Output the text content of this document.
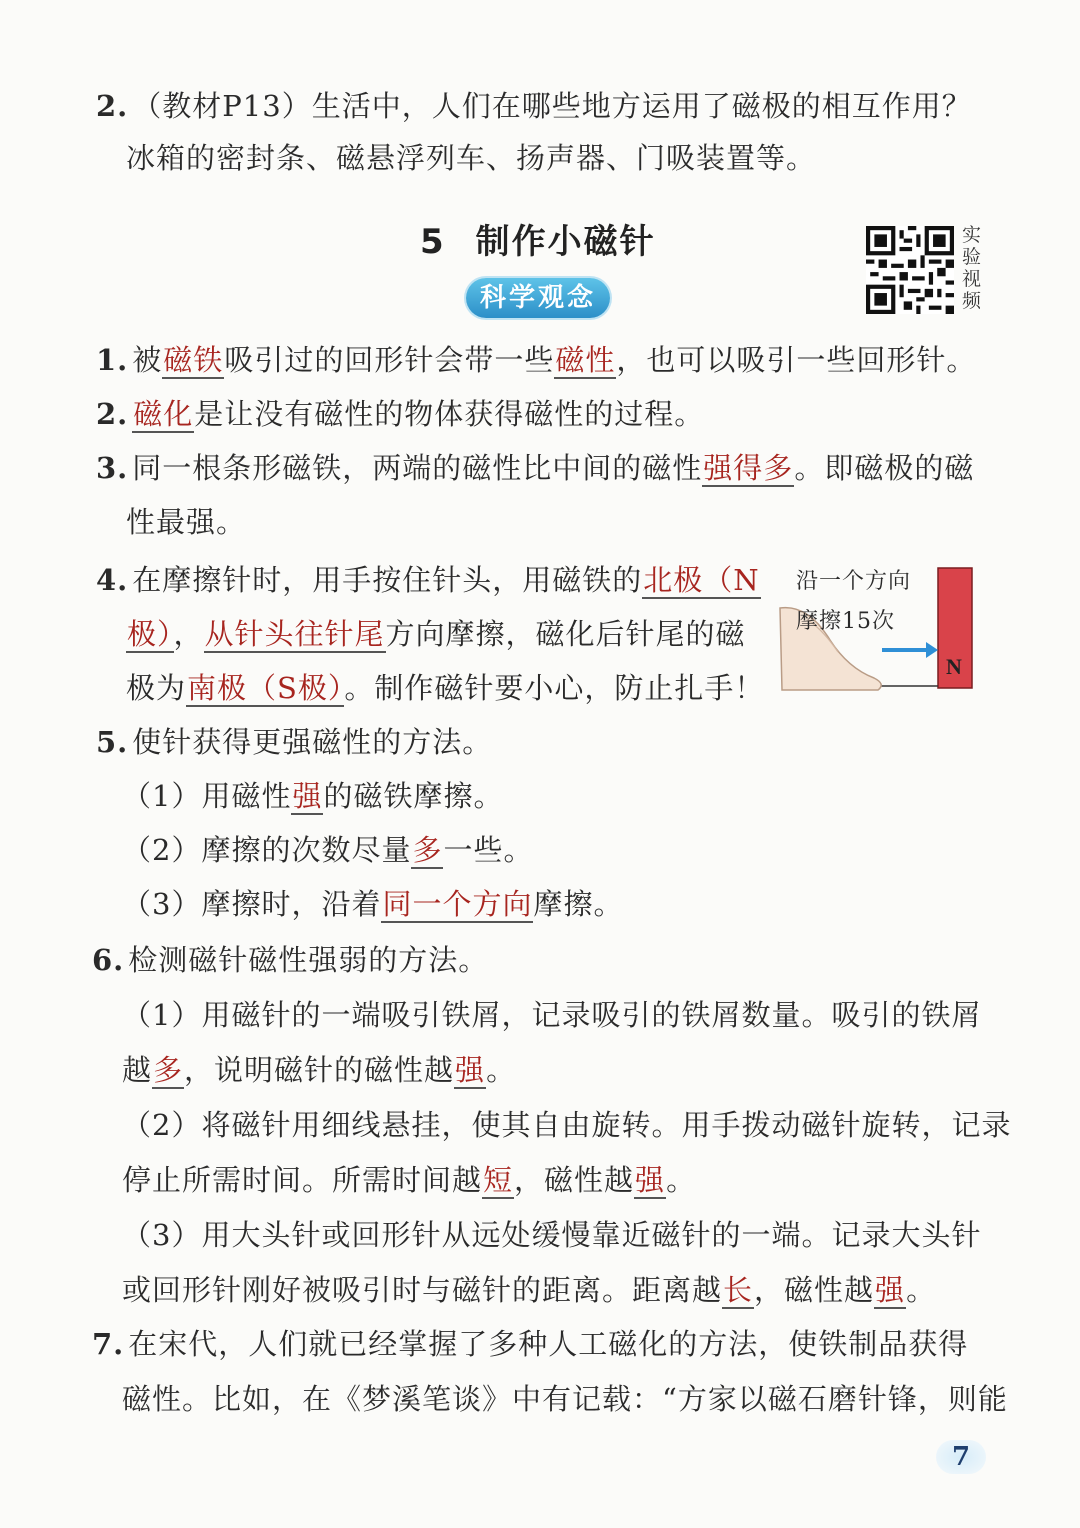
2. （教材P13）生活中，人们在哪些地方运用了磁极的相互作用？
冰箱的密封条、磁悬浮列车、扬声器、门吸装置等。
5 制作小磁针
科学观念
实验视频
1. 被磁铁吸引过的回形针会带一些磁性，也可以吸引一些回形针。
2. 磁化是让没有磁性的物体获得磁性的过程。
3. 同一根条形磁铁，两端的磁性比中间的磁性强得多。即磁极的磁
性最强。
4. 在摩擦针时，用手按住针头，用磁铁的北极（N
极），从针头往针尾方向摩擦，磁化后针尾的磁
极为南极（S极）。制作磁针要小心，防止扎手！
沿一个方向
摩擦15次
N
5. 使针获得更强磁性的方法。
（1）用磁性强的磁铁摩擦。
（2）摩擦的次数尽量多一些。
（3）摩擦时，沿着同一个方向摩擦。
6. 检测磁针磁性强弱的方法。
（1）用磁针的一端吸引铁屑，记录吸引的铁屑数量。吸引的铁屑
越多，说明磁针的磁性越强。
（2）将磁针用细线悬挂，使其自由旋转。用手拨动磁针旋转，记录
停止所需时间。所需时间越短，磁性越强。
（3）用大头针或回形针从远处缓慢靠近磁针的一端。记录大头针
或回形针刚好被吸引时与磁针的距离。距离越长，磁性越强。
7. 在宋代，人们就已经掌握了多种人工磁化的方法，使铁制品获得
磁性。比如，在《梦溪笔谈》中有记载：“方家以磁石磨针锋，则能
7
